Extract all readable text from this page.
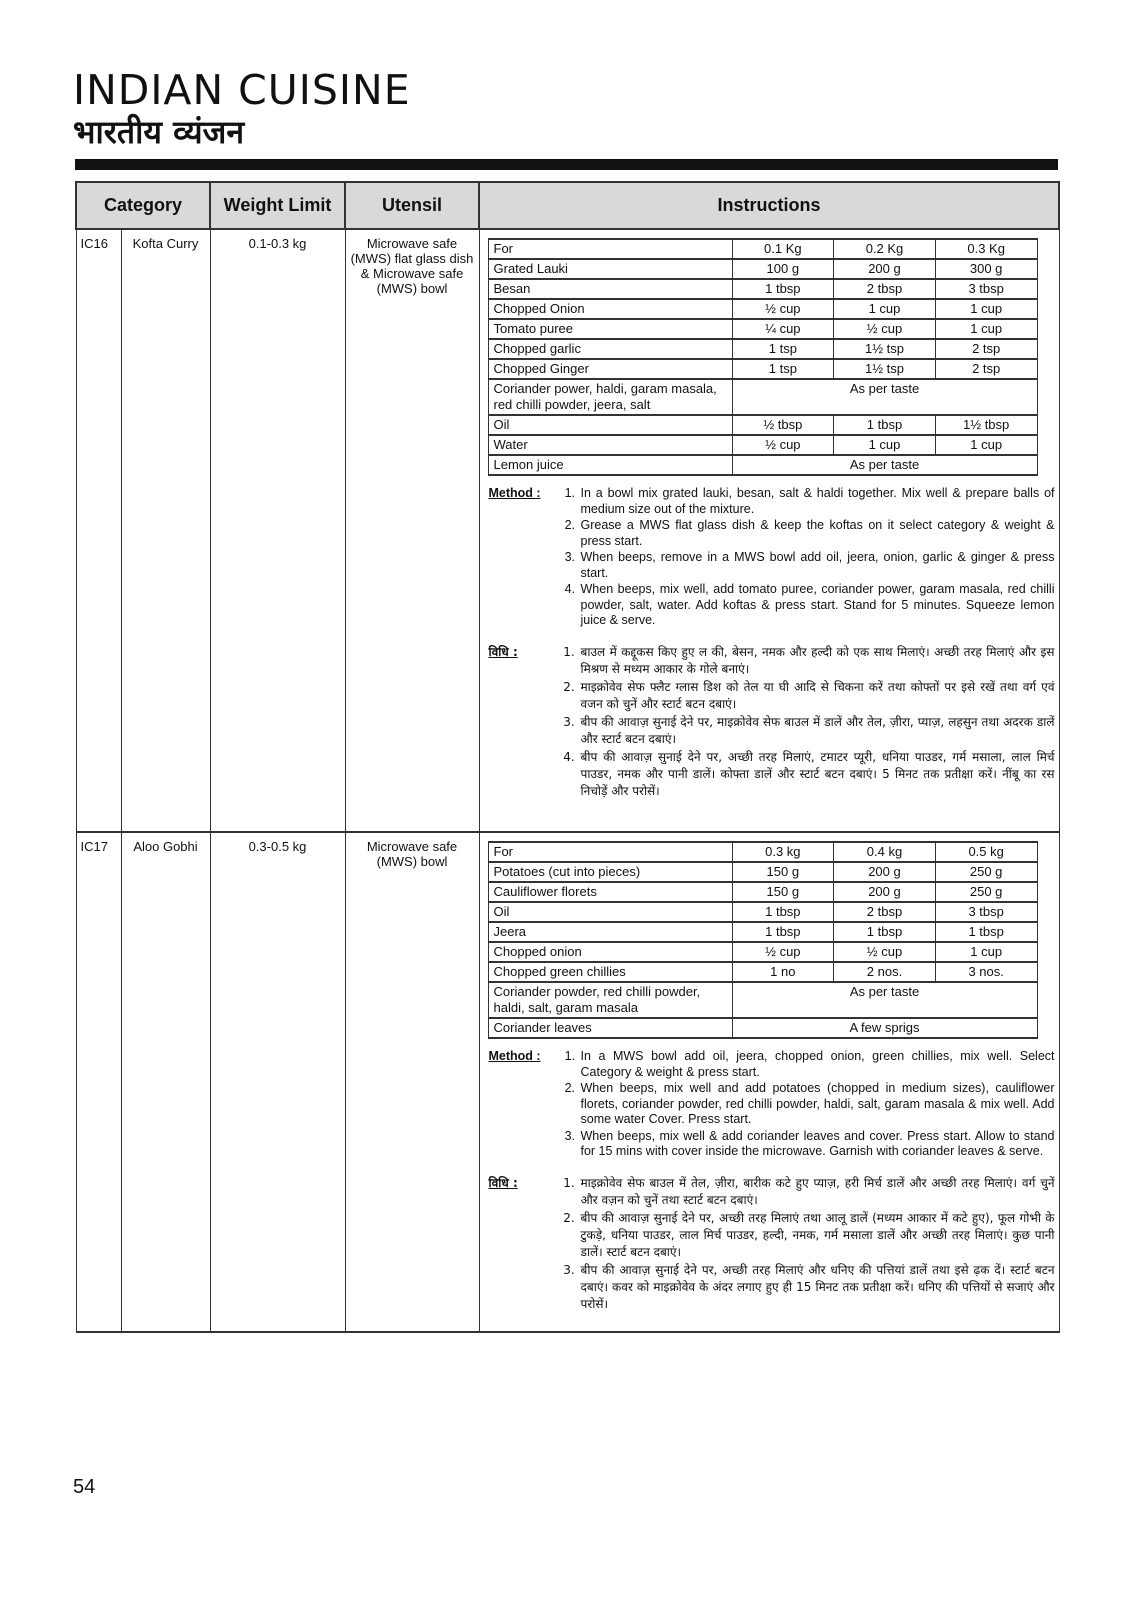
INDIAN CUISINE
भारतीय व्यंजन
Category	Weight Limit	Utensil	Instructions
IC16	Kofta Curry	0.1-0.3 kg	Microwave safe (MWS) flat glass dish & Microwave safe (MWS) bowl	
For	0.1 Kg	0.2 Kg	0.3 Kg
Grated Lauki	100 g	200 g	300 g
Besan	1 tbsp	2 tbsp	3 tbsp
Chopped Onion	½ cup	1 cup	1 cup
Tomato puree	¼ cup	½ cup	1 cup
Chopped garlic	1 tsp	1½ tsp	2 tsp
Chopped Ginger	1 tsp	1½ tsp	2 tsp
Coriander power, haldi, garam masala, red chilli powder, jeera, salt	As per taste
Oil	½ tbsp	1 tbsp	1½ tbsp
Water	½ cup	1 cup	1 cup
Lemon juice	As per taste
Method :	1. In a bowl mix grated lauki, besan, salt & haldi together. Mix well & prepare balls of medium size out of the mixture.
2. Grease a MWS flat glass dish & keep the koftas on it select category & weight & press start.
3. When beeps, remove in a MWS bowl add oil, jeera, onion, garlic & ginger & press start.
4. When beeps, mix well, add tomato puree, coriander power, garam masala, red chilli powder, salt, water. Add koftas & press start. Stand for 5 minutes. Squeeze lemon juice & serve.
विधि :	1. बाउल में कद्दूकस किए हुए ल की, बेसन, नमक और हल्दी को एक साथ मिलाएं। अच्छी तरह मिलाएं और इस मिश्रण से मध्यम आकार के गोले बनाएं।
2. माइक्रोवेव सेफ फ्लैट ग्लास डिश को तेल या घी आदि से चिकना करें तथा कोफ्तों पर इसे रखें तथा वर्ग एवं वजन को चुनें और स्टार्ट बटन दबाएं।
3. बीप की आवाज़ सुनाई देने पर, माइक्रोवेव सेफ बाउल में डालें और तेल, ज़ीरा, प्याज़, लहसुन तथा अदरक डालें और स्टार्ट बटन दबाएं।
4. बीप की आवाज़ सुनाई देने पर, अच्छी तरह मिलाएं, टमाटर प्यूरी, धनिया पाउडर, गर्म मसाला, लाल मिर्च पाउडर, नमक और पानी डालें। कोफ्ता डालें और स्टार्ट बटन दबाएं। 5 मिनट तक प्रतीक्षा करें। नींबू का रस निचोड़ें और परोसें।

IC17	Aloo Gobhi	0.3-0.5 kg	Microwave safe (MWS) bowl	
For	0.3 kg	0.4 kg	0.5 kg
Potatoes (cut into pieces)	150 g	200 g	250 g
Cauliflower florets	150 g	200 g	250 g
Oil	1 tbsp	2 tbsp	3 tbsp
Jeera	1 tbsp	1 tbsp	1 tbsp
Chopped onion	½ cup	½ cup	1 cup
Chopped green chillies	1 no	2 nos.	3 nos.
Coriander powder, red chilli powder, haldi, salt, garam masala	As per taste
Coriander leaves	A few sprigs
Method :	1. In a MWS bowl add oil, jeera, chopped onion, green chillies, mix well. Select Category & weight & press start.
2. When beeps, mix well and add potatoes (chopped in medium sizes), cauliflower florets, coriander powder, red chilli powder, haldi, salt, garam masala & mix well. Add some water Cover. Press start.
3. When beeps, mix well & add coriander leaves and cover. Press start. Allow to stand for 15 mins with cover inside the microwave. Garnish with coriander leaves & serve.
विधि :	1. माइक्रोवेव सेफ बाउल में तेल, ज़ीरा, बारीक कटे हुए प्याज़, हरी मिर्च डालें और अच्छी तरह मिलाएं। वर्ग चुनें और वज़न को चुनें तथा स्टार्ट बटन दबाएं।
2. बीप की आवाज़ सुनाई देने पर, अच्छी तरह मिलाएं तथा आलू डालें (मध्यम आकार में कटे हुए), फूल गोभी के टुकड़े, धनिया पाउडर, लाल मिर्च पाउडर, हल्दी, नमक, गर्म मसाला डालें और अच्छी तरह मिलाएं। कुछ पानी डालें। स्टार्ट बटन दबाएं।
3. बीप की आवाज़ सुनाई देने पर, अच्छी तरह मिलाएं और धनिए की पत्तियां डालें तथा इसे ढ़क दें। स्टार्ट बटन दबाएं। कवर को माइक्रोवेव के अंदर लगाए हुए ही 15 मिनट तक प्रतीक्षा करें। धनिए की पत्तियों से सजाएं और परोसें।
54
